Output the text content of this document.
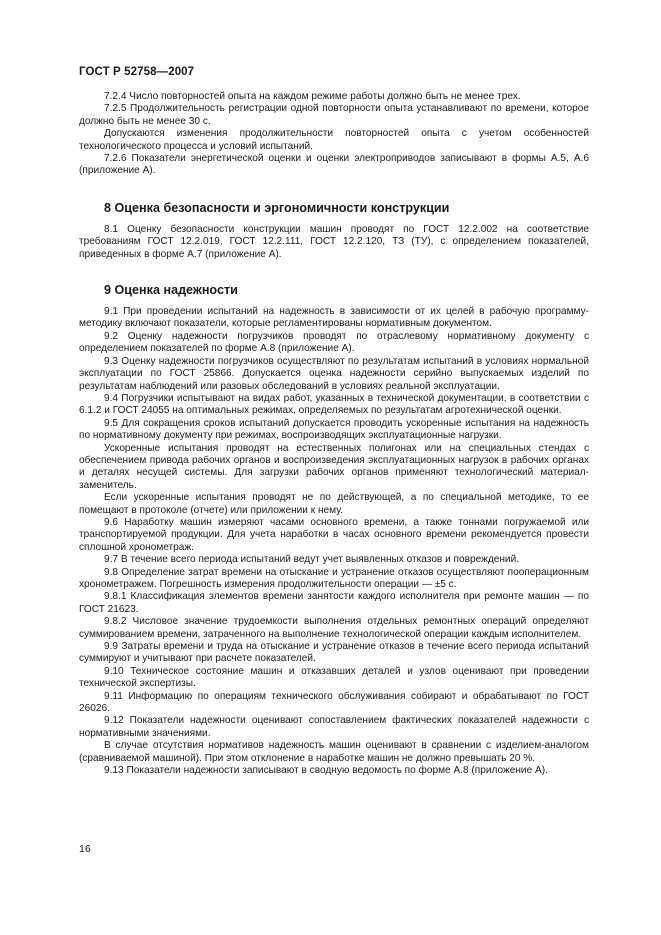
ГОСТ Р 52758—2007

7.2.4 Число повторностей опыта на каждом режиме работы должно быть не менее трех.

7.2.5 Продолжительность регистрации одной повторности опыта устанавливают по времени, которое должно быть не менее 30 с.

Допускаются изменения продолжительности повторностей опыта с учетом особенностей технологического процесса и условий испытаний.

7.2.6 Показатели энергетической оценки и оценки электроприводов записывают в формы А.5, А.6 (приложение А).

8 Оценка безопасности и эргономичности конструкции

8.1 Оценку безопасности конструкции машин проводят по ГОСТ 12.2.002 на соответствие требованиям ГОСТ 12.2.019, ГОСТ 12.2.111, ГОСТ 12.2.120, ТЗ (ТУ), с определением показателей, приведенных в форме А.7 (приложение А).

9 Оценка надежности

9.1 При проведении испытаний на надежность в зависимости от их целей в рабочую программу-методику включают показатели, которые регламентированы нормативным документом.

9.2 Оценку надежности погрузчиков проводят по отраслевому нормативному документу с определением показателей по форме А.8 (приложение А).

9.3 Оценку надежности погрузчиков осуществляют по результатам испытаний в условиях нормальной эксплуатации по ГОСТ 25866. Допускается оценка надежности серийно выпускаемых изделий по результатам наблюдений или разовых обследований в условиях реальной эксплуатации.

9.4 Погрузчики испытывают на видах работ, указанных в технической документации, в соответствии с 6.1.2 и ГОСТ 24055 на оптимальных режимах, определяемых по результатам агротехнической оценки.

9.5 Для сокращения сроков испытаний допускается проводить ускоренные испытания на надежность по нормативному документу при режимах, воспроизводящих эксплуатационные нагрузки.

Ускоренные испытания проводят на естественных полигонах или на специальных стендах с обеспечением привода рабочих органов и воспроизведения эксплуатационных нагрузок в рабочих органах и деталях несущей системы. Для загрузки рабочих органов применяют технологический материал-заменитель.

Если ускоренные испытания проводят не по действующей, а по специальной методике, то ее помещают в протоколе (отчете) или приложении к нему.

9.6 Наработку машин измеряют часами основного времени, а также тоннами погружаемой или транспортируемой продукции. Для учета наработки в часах основного времени рекомендуется провести сплошной хронометраж.

9.7 В течение всего периода испытаний ведут учет выявленных отказов и повреждений.

9.8 Определение затрат времени на отыскание и устранение отказов осуществляют пооперационным хронометражем. Погрешность измерения продолжительности операции — ±5 с.

9.8.1 Классификация элементов времени занятости каждого исполнителя при ремонте машин — по ГОСТ 21623.

9.8.2 Числовое значение трудоемкости выполнения отдельных ремонтных операций определяют суммированием времени, затраченного на выполнение технологической операции каждым исполнителем.

9.9 Затраты времени и труда на отыскание и устранение отказов в течение всего периода испытаний суммируют и учитывают при расчете показателей.

9.10 Техническое состояние машин и отказавших деталей и узлов оценивают при проведении технической экспертизы.

9.11 Информацию по операциям технического обслуживания собирают и обрабатывают по ГОСТ 26026.

9.12 Показатели надежности оценивают сопоставлением фактических показателей надежности с нормативными значениями.

В случае отсутствия нормативов надежность машин оценивают в сравнении с изделием-аналогом (сравниваемой машиной). При этом отклонение в наработке машин не должно превышать 20 %.

9.13 Показатели надежности записывают в сводную ведомость по форме А.8 (приложение А).

16
